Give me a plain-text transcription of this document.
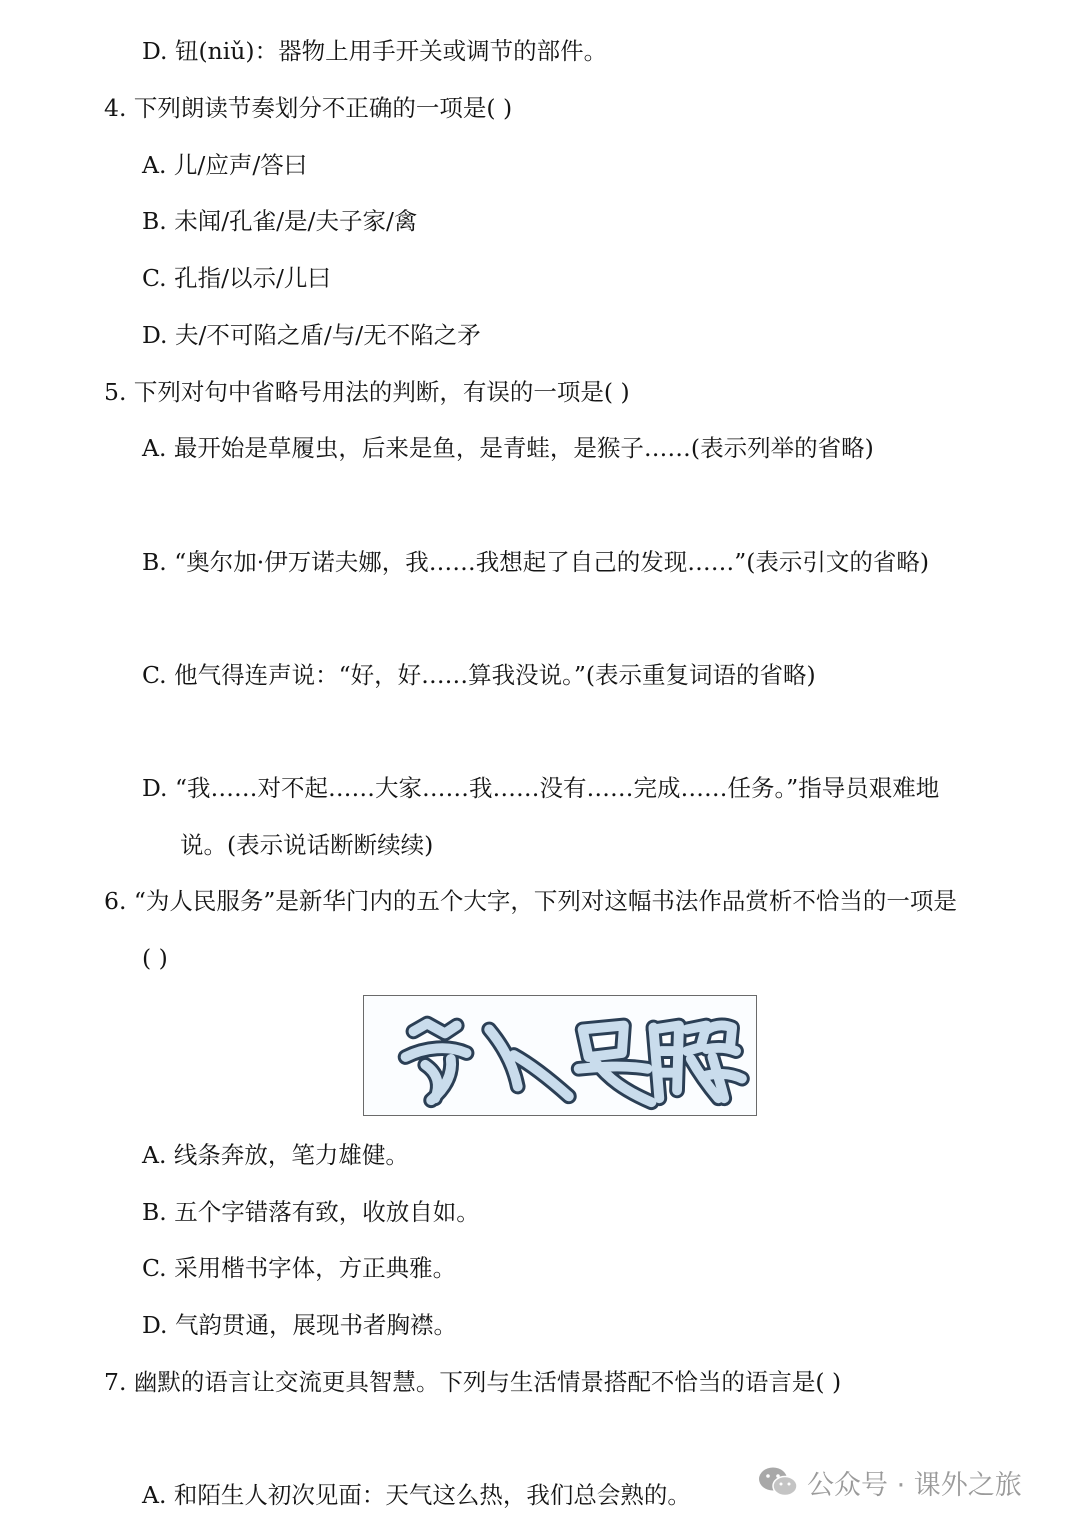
D. 钮(niǔ)：器物上用手开关或调节的部件。
4. 下列朗读节奏划分不正确的一项是( )
A. 儿/应声/答曰
B. 未闻/孔雀/是/夫子家/禽
C. 孔指/以示/儿曰
D. 夫/不可陷之盾/与/无不陷之矛
5. 下列对句中省略号用法的判断，有误的一项是( )
A. 最开始是草履虫，后来是鱼，是青蛙，是猴子……(表示列举的省略)
B. “奥尔加·伊万诺夫娜，我……我想起了自己的发现……”(表示引文的省略)
C. 他气得连声说：“好，好……算我没说。”(表示重复词语的省略)
D. “我……对不起……大家……我……没有……完成……任务。”指导员艰难地
说。(表示说话断断续续)
6. “为人民服务”是新华门内的五个大字，下列对这幅书法作品赏析不恰当的一项是
( )
A. 线条奔放，笔力雄健。
B. 五个字错落有致，收放自如。
C. 采用楷书字体，方正典雅。
D. 气韵贯通，展现书者胸襟。
7. 幽默的语言让交流更具智慧。下列与生活情景搭配不恰当的语言是( )
A. 和陌生人初次见面：天气这么热，我们总会熟的。	公众号 · 课外之旅
